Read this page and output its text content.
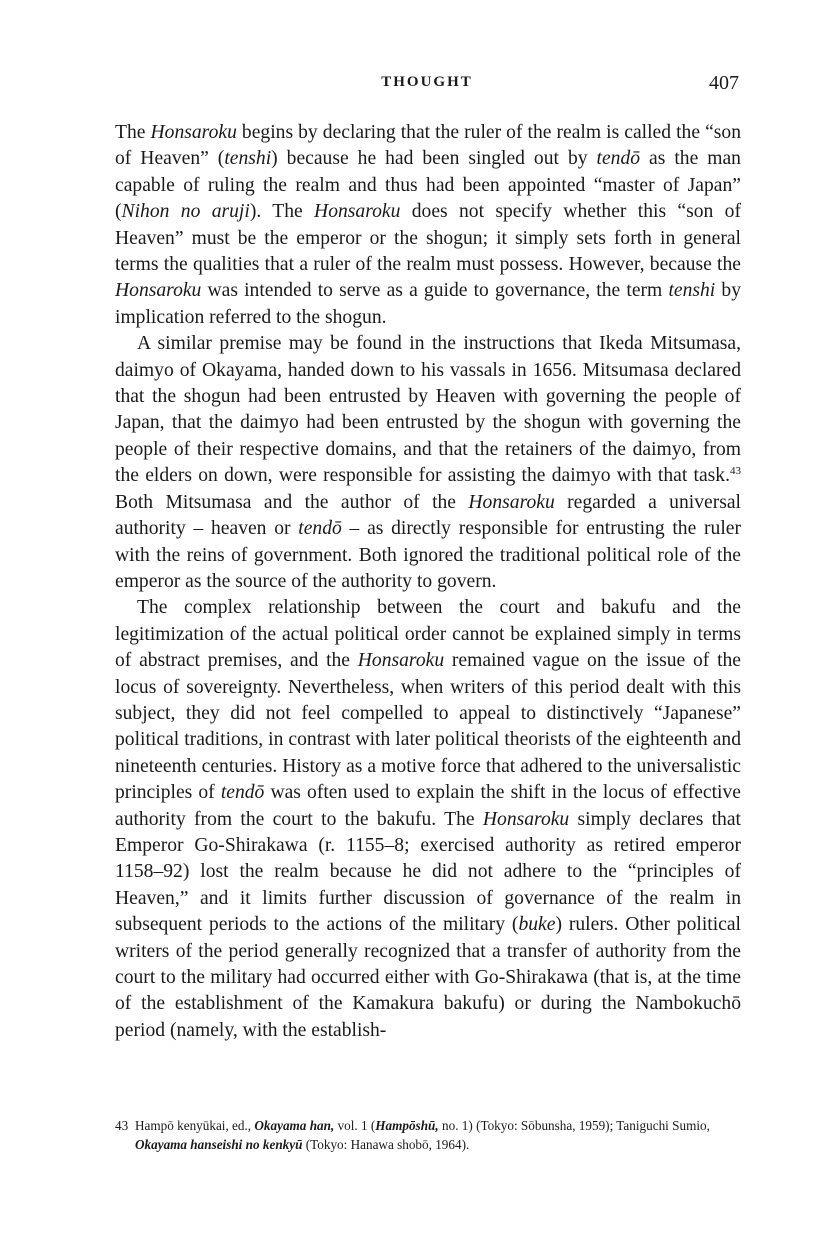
THOUGHT	407

The Honsaroku begins by declaring that the ruler of the realm is called the “son of Heaven” (tenshi) because he had been singled out by tendō as the man capable of ruling the realm and thus had been appointed “master of Japan” (Nihon no aruji). The Honsaroku does not specify whether this “son of Heaven” must be the emperor or the shogun; it simply sets forth in general terms the qualities that a ruler of the realm must possess. However, because the Honsaroku was intended to serve as a guide to governance, the term tenshi by implication referred to the shogun.

A similar premise may be found in the instructions that Ikeda Mitsumasa, daimyo of Okayama, handed down to his vassals in 1656. Mitsumasa declared that the shogun had been entrusted by Heaven with governing the people of Japan, that the daimyo had been entrusted by the shogun with governing the people of their respective domains, and that the retainers of the daimyo, from the elders on down, were responsible for assisting the daimyo with that task.$^{43}$ Both Mitsumasa and the author of the Honsaroku regarded a universal authority – heaven or tendō – as directly responsible for entrusting the ruler with the reins of government. Both ignored the traditional political role of the emperor as the source of the authority to govern.

The complex relationship between the court and bakufu and the legitimization of the actual political order cannot be explained simply in terms of abstract premises, and the Honsaroku remained vague on the issue of the locus of sovereignty. Nevertheless, when writers of this period dealt with this subject, they did not feel compelled to appeal to distinctively “Japanese” political traditions, in contrast with later political theorists of the eighteenth and nineteenth centuries. History as a motive force that adhered to the universalistic principles of tendō was often used to explain the shift in the locus of effective authority from the court to the bakufu. The Honsaroku simply declares that Emperor Go-Shirakawa (r. 1155–8; exercised authority as retired emperor 1158–92) lost the realm because he did not adhere to the “principles of Heaven,” and it limits further discussion of governance of the realm in subsequent periods to the actions of the military (buke) rulers. Other political writers of the period generally recognized that a transfer of authority from the court to the military had occurred either with Go-Shirakawa (that is, at the time of the establishment of the Kamakura bakufu) or during the Nambokuchō period (namely, with the establish-

43 Hampō kenyūkai, ed., Okayama han, vol. 1 (Hampōshū, no. 1) (Tokyo: Sōbunsha, 1959); Taniguchi Sumio, Okayama hanseishi no kenkyū (Tokyo: Hanawa shobō, 1964).
